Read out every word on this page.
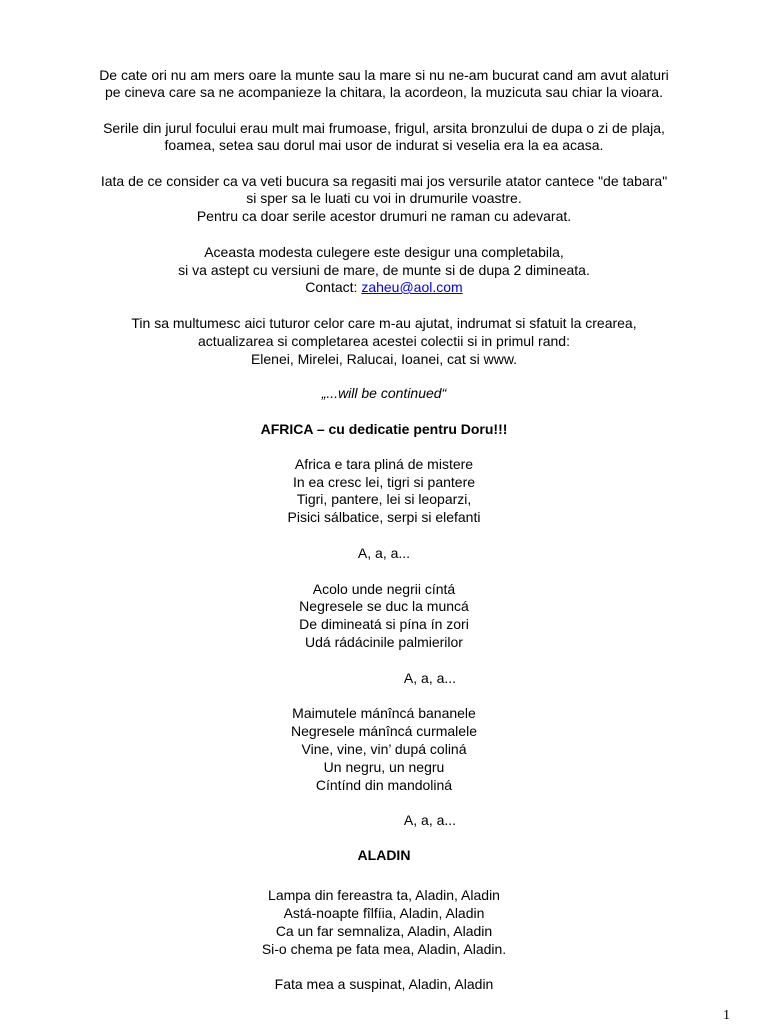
De cate ori nu am mers oare la munte sau la mare si nu ne-am bucurat cand am avut alaturi
pe cineva care sa ne acompanieze la chitara, la acordeon, la muzicuta sau chiar la vioara.
Serile din jurul focului erau mult mai frumoase, frigul, arsita bronzului de dupa o zi de plaja,
foamea, setea sau dorul mai usor de indurat si veselia era la ea acasa.
Iata de ce consider ca va veti bucura sa regasiti mai jos versurile atator cantece "de tabara"
si sper sa le luati cu voi in drumurile voastre.
Pentru ca doar serile acestor drumuri ne raman cu adevarat.
Aceasta modesta culegere este desigur una completabila,
si va astept cu versiuni de mare, de munte si de dupa 2 dimineata.
Contact: zaheu@aol.com
Tin sa multumesc aici tuturor celor care m-au ajutat, indrumat si sfatuit la crearea,
actualizarea si completarea acestei colectii si in primul rand:
Elenei, Mirelei, Ralucai, Ioanei, cat si www.
„...will be continued“
AFRICA – cu dedicatie pentru Doru!!!
Africa e tara pliná de mistere
In ea cresc lei, tigri si pantere
Tigri, pantere, lei si leoparzi,
Pisici sálbatice, serpi si elefanti
A, a, a...
Acolo unde negrii cíntá
Negresele se duc la muncá
De dimineatá si pína ín zori
Udá rádácinile palmierilor
A, a, a...
Maimutele mánîncá bananele
Negresele mánîncá curmalele
Vine, vine, vin’ dupá coliná
Un negru, un negru
Cíntínd din mandoliná
A, a, a...
ALADIN
Lampa din fereastra ta, Aladin, Aladin
Astá-noapte fîlfíia, Aladin, Aladin
Ca un far semnaliza, Aladin, Aladin
Si-o chema pe fata mea, Aladin, Aladin.
Fata mea a suspinat, Aladin, Aladin
1
